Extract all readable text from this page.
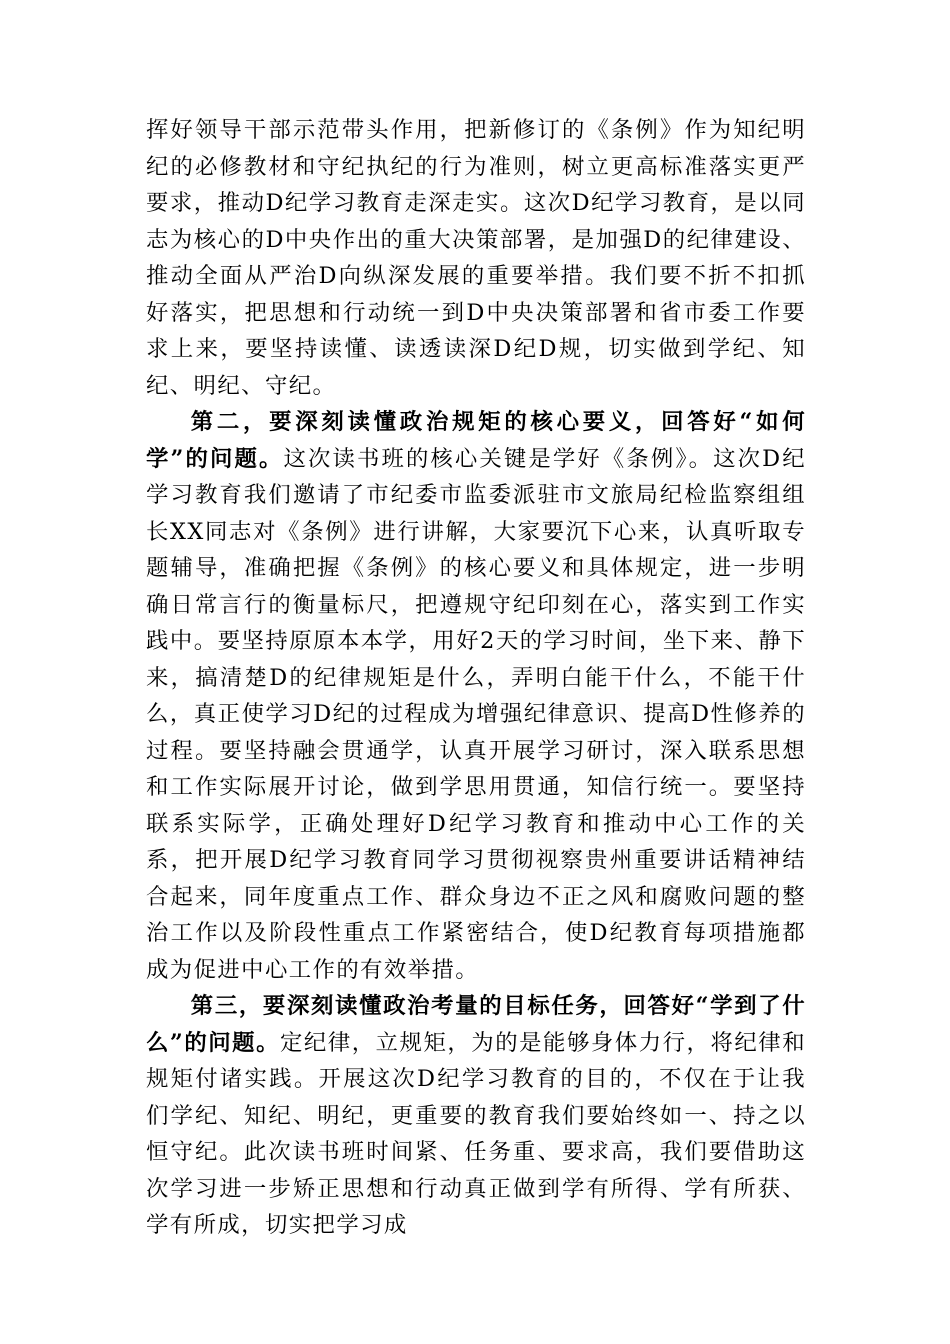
挥好领导干部示范带头作用，把新修订的《条例》作为知纪明纪的必修教材和守纪执纪的行为准则，树立更高标准落实更严要求，推动D纪学习教育走深走实。这次D纪学习教育，是以同志为核心的D中央作出的重大决策部署，是加强D的纪律建设、推动全面从严治D向纵深发展的重要举措。我们要不折不扣抓好落实，把思想和行动统一到D中央决策部署和省市委工作要求上来，要坚持读懂、读透读深D纪D规，切实做到学纪、知纪、明纪、守纪。

第二，要深刻读懂政治规矩的核心要义，回答好“如何学”的问题。这次读书班的核心关键是学好《条例》。这次D纪学习教育我们邀请了市纪委市监委派驻市文旅局纪检监察组组长XX同志对《条例》进行讲解，大家要沉下心来，认真听取专题辅导，准确把握《条例》的核心要义和具体规定，进一步明确日常言行的衡量标尺，把遵规守纪印刻在心，落实到工作实践中。要坚持原原本本学，用好2天的学习时间，坐下来、静下来，搞清楚D的纪律规矩是什么，弄明白能干什么，不能干什么，真正使学习D纪的过程成为增强纪律意识、提高D性修养的过程。要坚持融会贯通学，认真开展学习研讨，深入联系思想和工作实际展开讨论，做到学思用贯通，知信行统一。要坚持联系实际学，正确处理好D纪学习教育和推动中心工作的关系，把开展D纪学习教育同学习贯彻视察贵州重要讲话精神结合起来，同年度重点工作、群众身边不正之风和腐败问题的整治工作以及阶段性重点工作紧密结合，使D纪教育每项措施都成为促进中心工作的有效举措。

第三，要深刻读懂政治考量的目标任务，回答好“学到了什么”的问题。定纪律，立规矩，为的是能够身体力行，将纪律和规矩付诸实践。开展这次D纪学习教育的目的，不仅在于让我们学纪、知纪、明纪，更重要的教育我们要始终如一、持之以恒守纪。此次读书班时间紧、任务重、要求高，我们要借助这次学习进一步矫正思想和行动真正做到学有所得、学有所获、学有所成，切实把学习成
